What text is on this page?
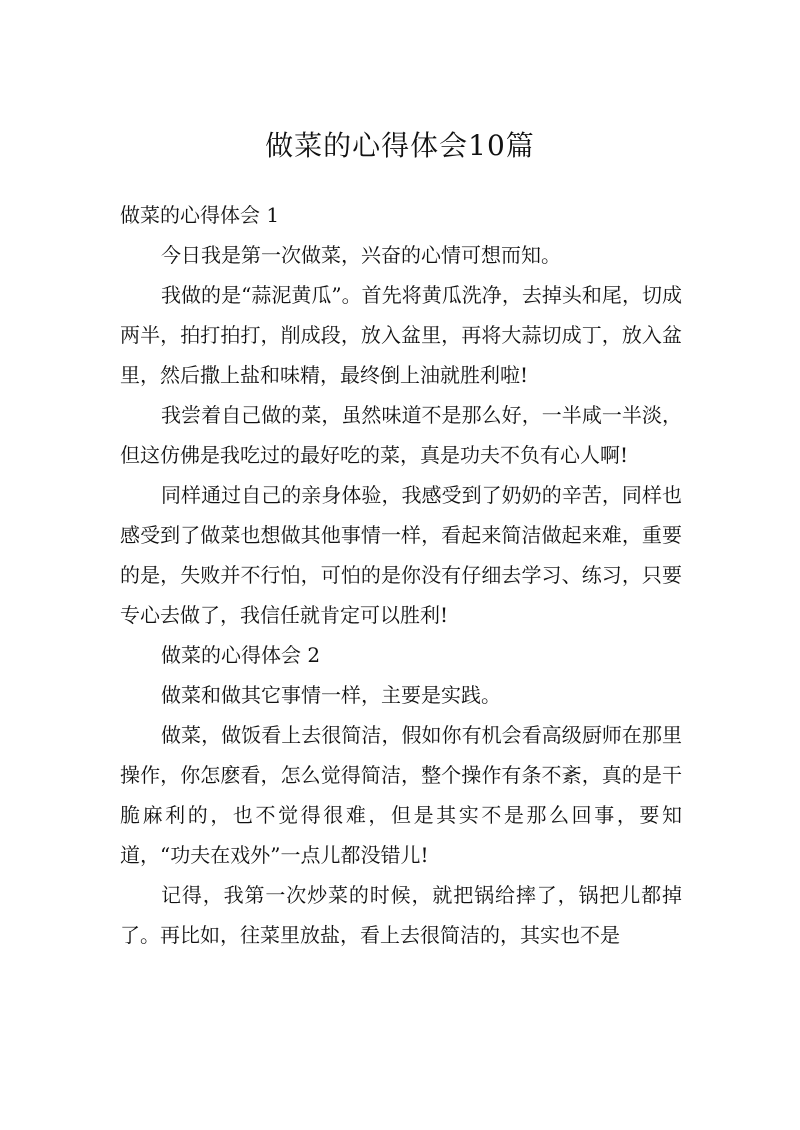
做菜的心得体会10篇
做菜的心得体会 1

今日我是第一次做菜，兴奋的心情可想而知。

我做的是“蒜泥黄瓜”。首先将黄瓜洗净，去掉头和尾，切成两半，拍打拍打，削成段，放入盆里，再将大蒜切成丁，放入盆里，然后撒上盐和味精，最终倒上油就胜利啦!

我尝着自己做的菜，虽然味道不是那么好，一半咸一半淡，但这仿佛是我吃过的最好吃的菜，真是功夫不负有心人啊!

同样通过自己的亲身体验，我感受到了奶奶的辛苦，同样也感受到了做菜也想做其他事情一样，看起来简洁做起来难，重要的是，失败并不行怕，可怕的是你没有仔细去学习、练习，只要专心去做了，我信任就肯定可以胜利!

做菜的心得体会 2

做菜和做其它事情一样，主要是实践。

做菜，做饭看上去很简洁，假如你有机会看高级厨师在那里操作，你怎麽看，怎么觉得简洁，整个操作有条不紊，真的是干脆麻利的，也不觉得很难，但是其实不是那么回事，要知道，“功夫在戏外”一点儿都没错儿!

记得，我第一次炒菜的时候，就把锅给摔了，锅把儿都掉了。再比如，往菜里放盐，看上去很简洁的，其实也不是
